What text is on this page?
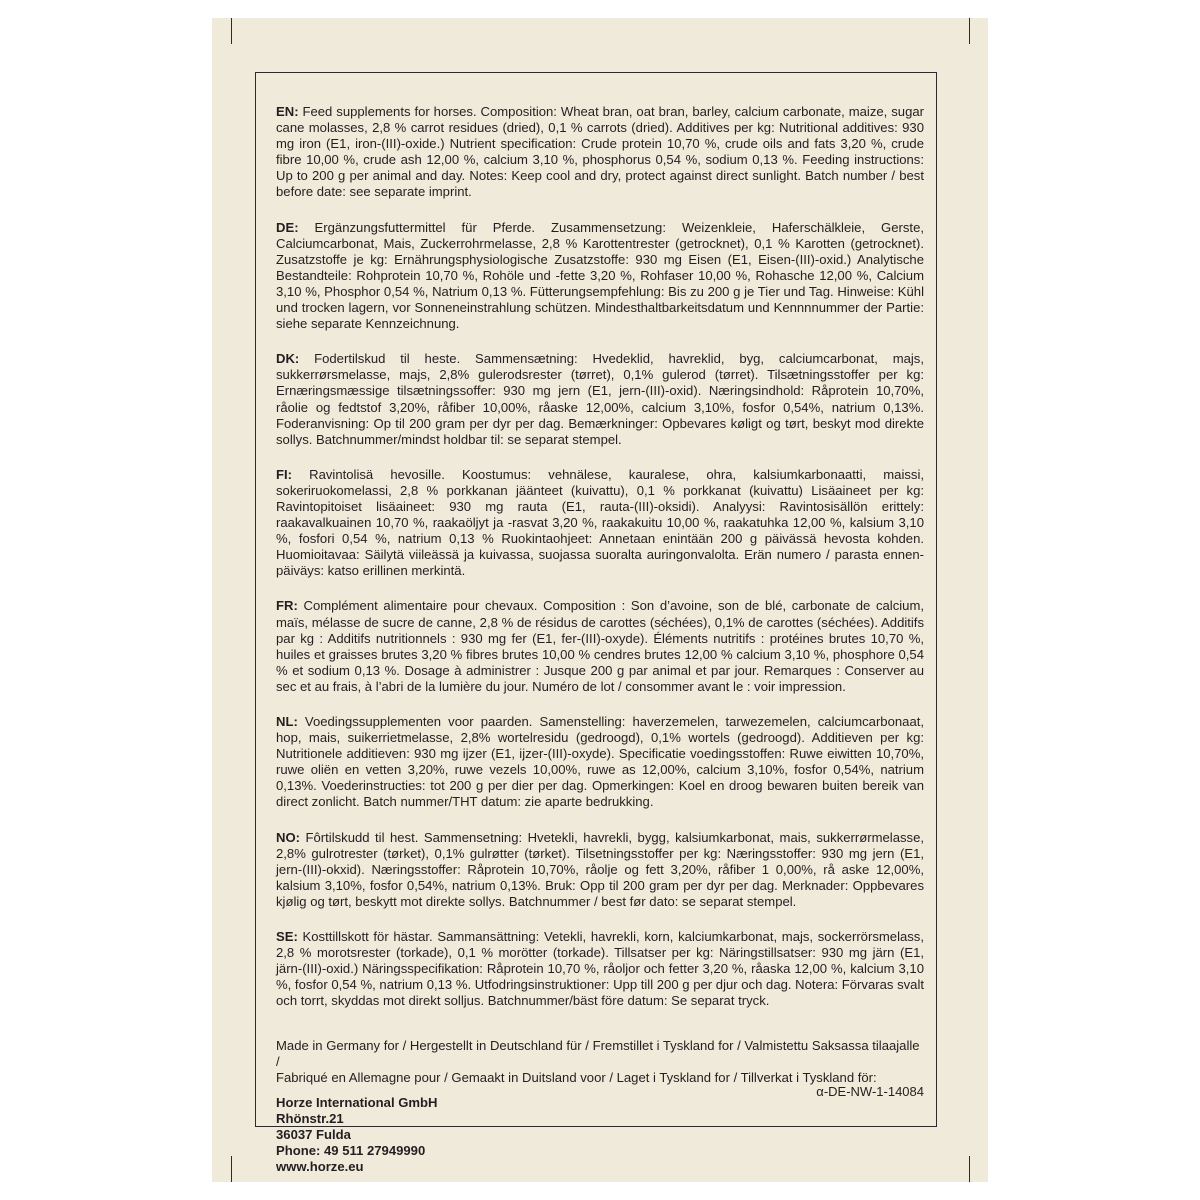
EN: Feed supplements for horses. Composition: Wheat bran, oat bran, barley, calcium carbonate, maize, sugar cane molasses, 2,8 % carrot residues (dried), 0,1 % carrots (dried). Additives per kg: Nutritional additives: 930 mg iron (E1, iron-(III)-oxide.) Nutrient specification: Crude protein 10,70 %, crude oils and fats 3,20 %, crude fibre 10,00 %, crude ash 12,00 %, calcium 3,10 %, phosphorus 0,54 %, sodium 0,13 %. Feeding instructions: Up to 200 g per animal and day. Notes: Keep cool and dry, protect against direct sunlight. Batch number / best before date: see separate imprint.

DE: Ergänzungsfuttermittel für Pferde. Zusammensetzung: Weizenkleie, Haferschälkleie, Gerste, Calciumcarbonat, Mais, Zuckerrohrmelasse, 2,8 % Karottentrester (getrocknet), 0,1 % Karotten (getrocknet). Zusatzstoffe je kg: Ernährungsphysiologische Zusatzstoffe: 930 mg Eisen (E1, Eisen-(III)-oxid.) Analytische Bestandteile: Rohprotein 10,70 %, Rohöle und -fette 3,20 %, Rohfaser 10,00 %, Rohasche 12,00 %, Calcium 3,10 %, Phosphor 0,54 %, Natrium 0,13 %. Fütterungsempfehlung: Bis zu 200 g je Tier und Tag. Hinweise: Kühl und trocken lagern, vor Sonneneinstrahlung schützen. Mindesthaltbarkeitsdatum und Kennnnummer der Partie: siehe separate Kennzeichnung.

DK: Fodertilskud til heste. Sammensætning: Hvedeklid, havreklid, byg, calciumcarbonat, majs, sukkerrørsmelasse, majs, 2,8% gulerodsrester (tørret), 0,1% gulerod (tørret). Tilsætningsstoffer per kg: Ernæringsmæssige tilsætningssoffer: 930 mg jern (E1, jern-(III)-oxid). Næringsindhold: Råprotein 10,70%, råolie og fedtstof 3,20%, råfiber 10,00%, råaske 12,00%, calcium 3,10%, fosfor 0,54%, natrium 0,13%. Foderanvisning: Op til 200 gram per dyr per dag. Bemærkninger: Opbevares køligt og tørt, beskyt mod direkte sollys. Batchnummer/mindst holdbar til: se separat stempel.

FI: Ravintolisä hevosille. Koostumus: vehnälese, kauralese, ohra, kalsiumkarbonaatti, maissi, sokeriruokomelassi, 2,8 % porkkanan jäänteet (kuivattu), 0,1 % porkkanat (kuivattu) Lisäaineet per kg: Ravintopitoiset lisäaineet: 930 mg rauta (E1, rauta-(III)-oksidi). Analyysi: Ravintosisällön erittely: raakavalkuainen 10,70 %, raakaöljyt ja -rasvat 3,20 %, raakakuitu 10,00 %, raakatuhka 12,00 %, kalsium 3,10 %, fosfori 0,54 %, natrium 0,13 % Ruokintaohjeet: Annetaan enintään 200 g päivässä hevosta kohden. Huomioitavaa: Säilytä viileässä ja kuivassa, suojassa suoralta auringonvalolta. Erän numero / parasta ennen-päiväys: katso erillinen merkintä.

FR: Complément alimentaire pour chevaux. Composition : Son d’avoine, son de blé, carbonate de calcium, maïs, mélasse de sucre de canne, 2,8 % de résidus de carottes (séchées), 0,1% de carottes (séchées). Additifs par kg : Additifs nutritionnels : 930 mg fer (E1, fer-(III)-oxyde). Éléments nutritifs : protéines brutes 10,70 %, huiles et graisses brutes 3,20 % fibres brutes 10,00 % cendres brutes 12,00 % calcium 3,10 %, phosphore 0,54 % et sodium 0,13 %. Dosage à administrer : Jusque 200 g par animal et par jour. Remarques : Conserver au sec et au frais, à l’abri de la lumière du jour. Numéro de lot / consommer avant le : voir impression.

NL: Voedingssupplementen voor paarden. Samenstelling: haverzemelen, tarwezemelen, calciumcarbonaat, hop, mais, suikerrietmelasse, 2,8% wortelresidu (gedroogd), 0,1% wortels (gedroogd). Additieven per kg: Nutritionele additieven: 930 mg ijzer (E1, ijzer-(III)-oxyde). Specificatie voedingsstoffen: Ruwe eiwitten 10,70%, ruwe oliën en vetten 3,20%, ruwe vezels 10,00%, ruwe as 12,00%, calcium 3,10%, fosfor 0,54%, natrium 0,13%. Voederinstructies: tot 200 g per dier per dag. Opmerkingen: Koel en droog bewaren buiten bereik van direct zonlicht. Batch nummer/THT datum: zie aparte bedrukking.

NO: Fôrtilskudd til hest. Sammensetning: Hvetekli, havrekli, bygg, kalsiumkarbonat, mais, sukkerrørmelasse, 2,8% gulrotrester (tørket), 0,1% gulrøtter (tørket). Tilsetningsstoffer per kg: Næringsstoffer: 930 mg jern (E1, jern-(III)-okxid). Næringsstoffer: Råprotein 10,70%, råolje og fett 3,20%, råfiber 1 0,00%, rå aske 12,00%, kalsium 3,10%, fosfor 0,54%, natrium 0,13%. Bruk: Opp til 200 gram per dyr per dag. Merknader: Oppbevares kjølig og tørt, beskytt mot direkte sollys. Batchnummer / best før dato: se separat stempel.

SE: Kosttillskott för hästar. Sammansättning: Vetekli, havrekli, korn, kalciumkarbonat, majs, sockerrörsmelass, 2,8 % morotsrester (torkade), 0,1 % morötter (torkade). Tillsatser per kg: Näringstillsatser: 930 mg järn (E1, järn-(III)-oxid.) Näringsspecifikation: Råprotein 10,70 %, råoljor och fetter 3,20 %, råaska 12,00 %, kalcium 3,10 %, fosfor 0,54 %, natrium 0,13 %. Utfodringsinstruktioner: Upp till 200 g per djur och dag. Notera: Förvaras svalt och torrt, skyddas mot direkt solljus. Batchnummer/bäst före datum: Se separat tryck.

Made in Germany for / Hergestellt in Deutschland für / Fremstillet i Tyskland for / Valmistettu Saksassa tilaajalle /

Fabriqué en Allemagne pour / Gemaakt in Duitsland voor / Laget i Tyskland for / Tillverkat i Tyskland för:

Horze International GmbH
Rhönstr.21
36037 Fulda
Phone: 49 511 27949990
www.horze.eu
α-DE-NW-1-14084
